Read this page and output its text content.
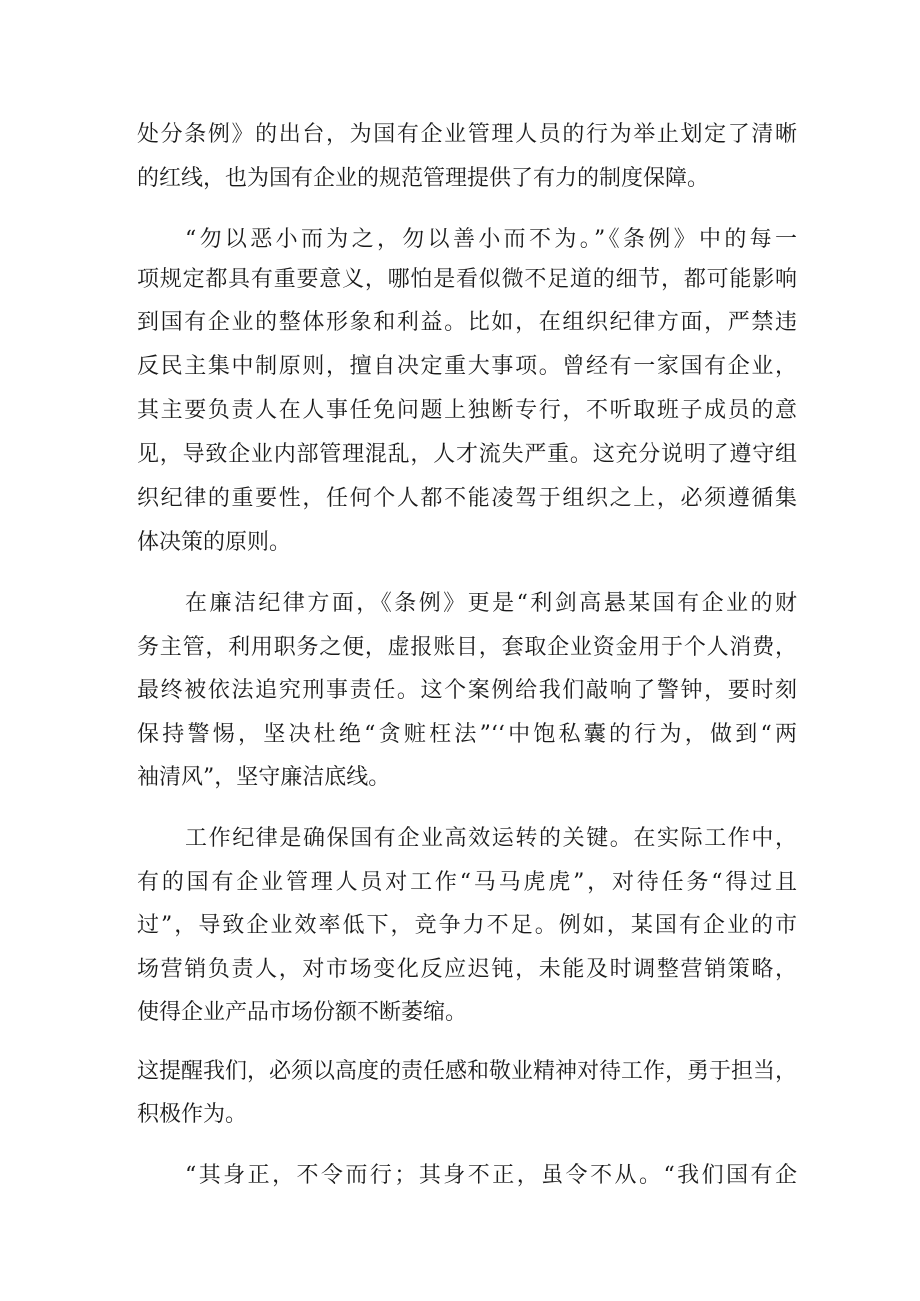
处分条例》的出台，为国有企业管理人员的行为举止划定了清晰

的红线，也为国有企业的规范管理提供了有力的制度保障。

“勿以恶小而为之，勿以善小而不为。”《条例》中的每一

项规定都具有重要意义，哪怕是看似微不足道的细节，都可能影响

到国有企业的整体形象和利益。比如，在组织纪律方面，严禁违

反民主集中制原则，擅自决定重大事项。曾经有一家国有企业，

其主要负责人在人事任免问题上独断专行，不听取班子成员的意

见，导致企业内部管理混乱，人才流失严重。这充分说明了遵守组

织纪律的重要性，任何个人都不能凌驾于组织之上，必须遵循集

体决策的原则。

在廉洁纪律方面，《条例》更是“利剑高悬某国有企业的财

务主管，利用职务之便，虚报账目，套取企业资金用于个人消费，

最终被依法追究刑事责任。这个案例给我们敲响了警钟，要时刻

保持警惕，坚决杜绝“贪赃枉法”‘‘中饱私囊的行为，做到“两

袖清风”，坚守廉洁底线。

工作纪律是确保国有企业高效运转的关键。在实际工作中，

有的国有企业管理人员对工作“马马虎虎”，对待任务“得过且

过”，导致企业效率低下，竞争力不足。例如，某国有企业的市

场营销负责人，对市场变化反应迟钝，未能及时调整营销策略，

使得企业产品市场份额不断萎缩。

这提醒我们，必须以高度的责任感和敬业精神对待工作，勇于担当，

积极作为。

“其身正，不令而行；其身不正，虽令不从。“我们国有企
